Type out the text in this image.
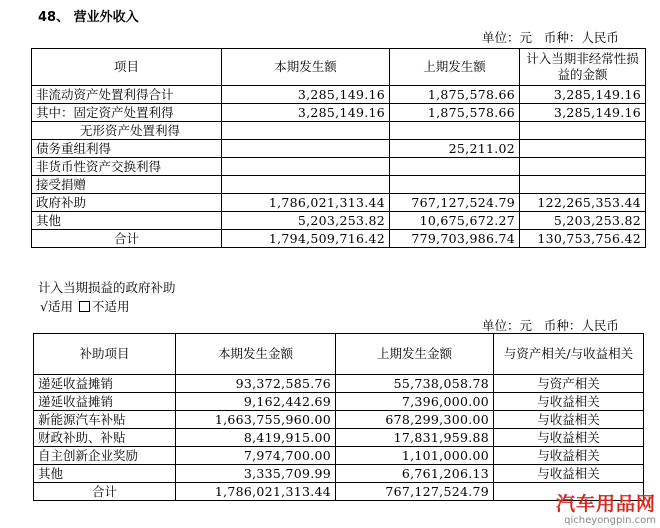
48、 营业外收入
单位：元   币种：人民币
项目	本期发生额	上期发生额	计入当期非经常性损益的金额
非流动资产处置利得合计	3,285,149.16	1,875,578.66	3,285,149.16
其中：固定资产处置利得	3,285,149.16	1,875,578.66	3,285,149.16
无形资产处置利得			
债务重组利得		25,211.02	
非货币性资产交换利得			
接受捐赠			
政府补助	1,786,021,313.44	767,127,524.79	122,265,353.44
其他	5,203,253.82	10,675,672.27	5,203,253.82
合计	1,794,509,716.42	779,703,986.74	130,753,756.42
计入当期损益的政府补助
√适用 不适用
单位：元   币种：人民币
补助项目	本期发生金额	上期发生金额	与资产相关/与收益相关
递延收益摊销	93,372,585.76	55,738,058.78	与资产相关
递延收益摊销	9,162,442.69	7,396,000.00	与收益相关
新能源汽车补贴	1,663,755,960.00	678,299,300.00	与收益相关
财政补助、补贴	8,419,915.00	17,831,959.88	与收益相关
自主创新企业奖励	7,974,700.00	1,101,000.00	与收益相关
其他	3,335,709.99	6,761,206.13	与收益相关
合计	1,786,021,313.44	767,127,524.79	
汽车用品网
qicheyongpin.com
